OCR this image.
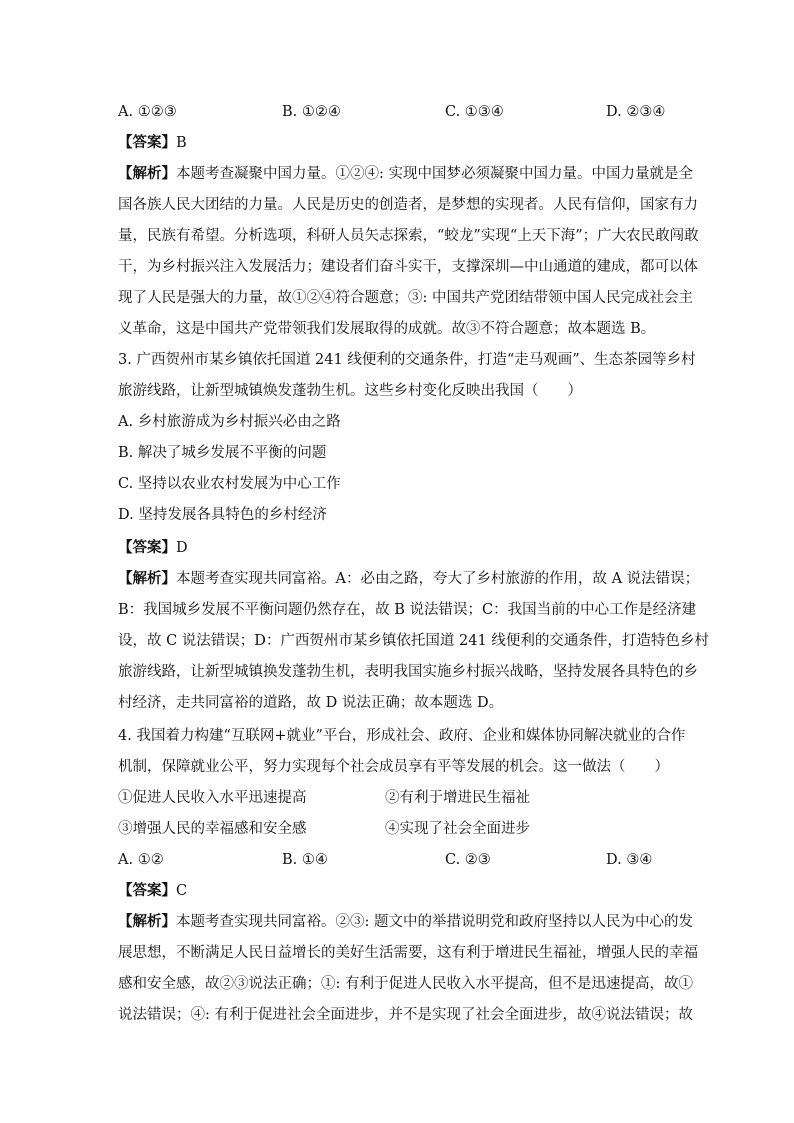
A. ①②③	B. ①②④	C. ①③④	D. ②③④
【答案】B
【解析】本题考查凝聚中国力量。①②④: 实现中国梦必须凝聚中国力量。中国力量就是全
国各族人民大团结的力量。人民是历史的创造者，是梦想的实现者。人民有信仰，国家有力
量，民族有希望。分析选项，科研人员矢志探索，“蛟龙”实现“上天下海”；广大农民敢闯敢
干，为乡村振兴注入发展活力；建设者们奋斗实干，支撑深圳—中山通道的建成，都可以体
现了人民是强大的力量，故①②④符合题意；③: 中国共产党团结带领中国人民完成社会主
义革命，这是中国共产党带领我们发展取得的成就。故③不符合题意；故本题选 B。
3. 广西贺州市某乡镇依托国道 241 线便利的交通条件，打造“走马观画”、生态茶园等乡村
旅游线路，让新型城镇焕发蓬勃生机。这些乡村变化反映出我国（　　）
A. 乡村旅游成为乡村振兴必由之路
B. 解决了城乡发展不平衡的问题
C. 坚持以农业农村发展为中心工作
D. 坚持发展各具特色的乡村经济
【答案】D
【解析】本题考查实现共同富裕。A：必由之路，夸大了乡村旅游的作用，故 A 说法错误；
B：我国城乡发展不平衡问题仍然存在，故 B 说法错误；C：我国当前的中心工作是经济建
设，故 C 说法错误；D：广西贺州市某乡镇依托国道 241 线便利的交通条件，打造特色乡村
旅游线路，让新型城镇换发蓬勃生机，表明我国实施乡村振兴战略，坚持发展各具特色的乡
村经济，走共同富裕的道路，故 D 说法正确；故本题选 D。
4. 我国着力构建“互联网+就业”平台，形成社会、政府、企业和媒体协同解决就业的合作
机制，保障就业公平，努力实现每个社会成员享有平等发展的机会。这一做法（　　）
①促进人民收入水平迅速提高	②有利于增进民生福祉
③增强人民的幸福感和安全感	④实现了社会全面进步
A. ①②	B. ①④	C. ②③	D. ③④
【答案】C
【解析】本题考查实现共同富裕。②③: 题文中的举措说明党和政府坚持以人民为中心的发
展思想，不断满足人民日益增长的美好生活需要，这有利于增进民生福祉，增强人民的幸福
感和安全感，故②③说法正确；①: 有利于促进人民收入水平提高，但不是迅速提高，故①
说法错误；④: 有利于促进社会全面进步，并不是实现了社会全面进步，故④说法错误；故
